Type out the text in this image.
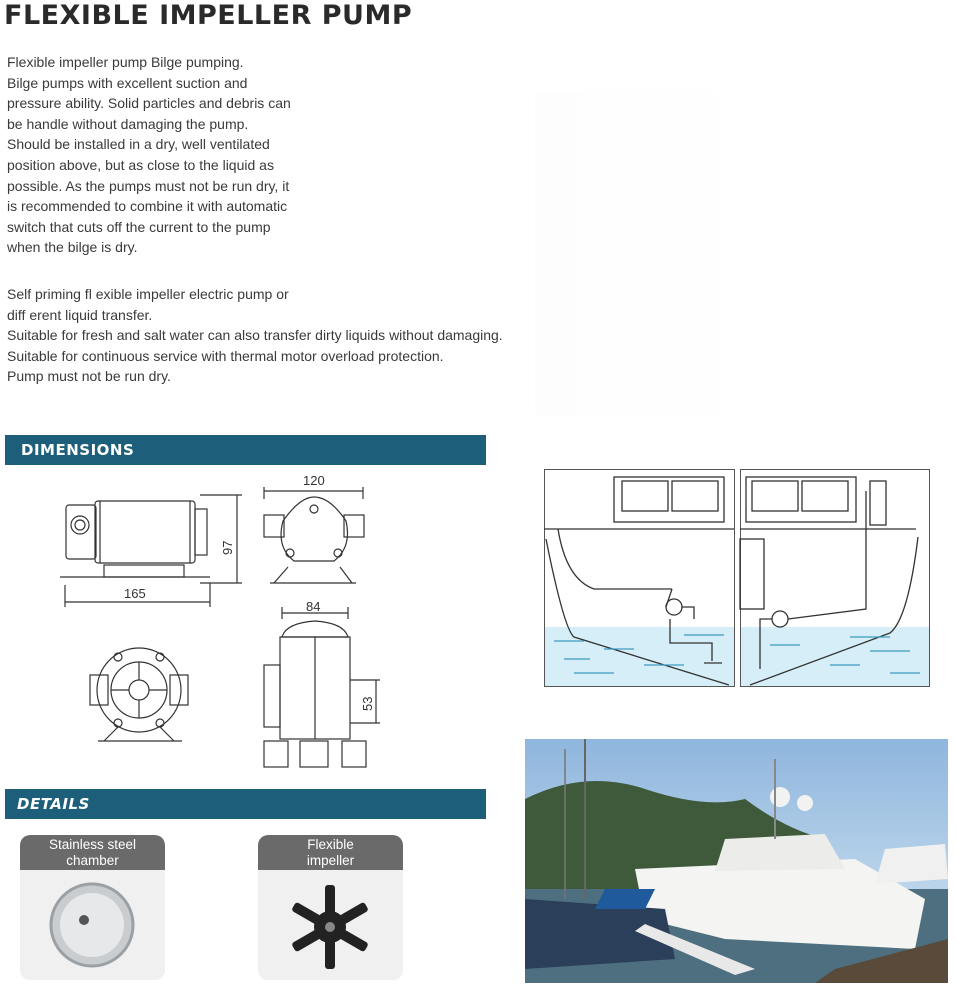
FLEXIBLE IMPELLER PUMP
Flexible impeller pump Bilge pumping.
Bilge pumps with excellent suction and
pressure ability. Solid particles and debris can
be handle without damaging the pump.
Should be installed in a dry, well ventilated
position above, but as close to the liquid as
possible. As the pumps must not be run dry, it
is recommended to combine it with automatic
switch that cuts off the current to the pump
when the bilge is dry.
Self priming fl exible impeller electric pump or
diff erent liquid transfer.
Suitable for fresh and salt water can also transfer dirty liquids without damaging.
Suitable for continuous service with thermal motor overload protection.
Pump must not be run dry.
DIMENSIONS
165
97
120
84
53
DETAILS
Stainless steel
chamber
Flexible
impeller
